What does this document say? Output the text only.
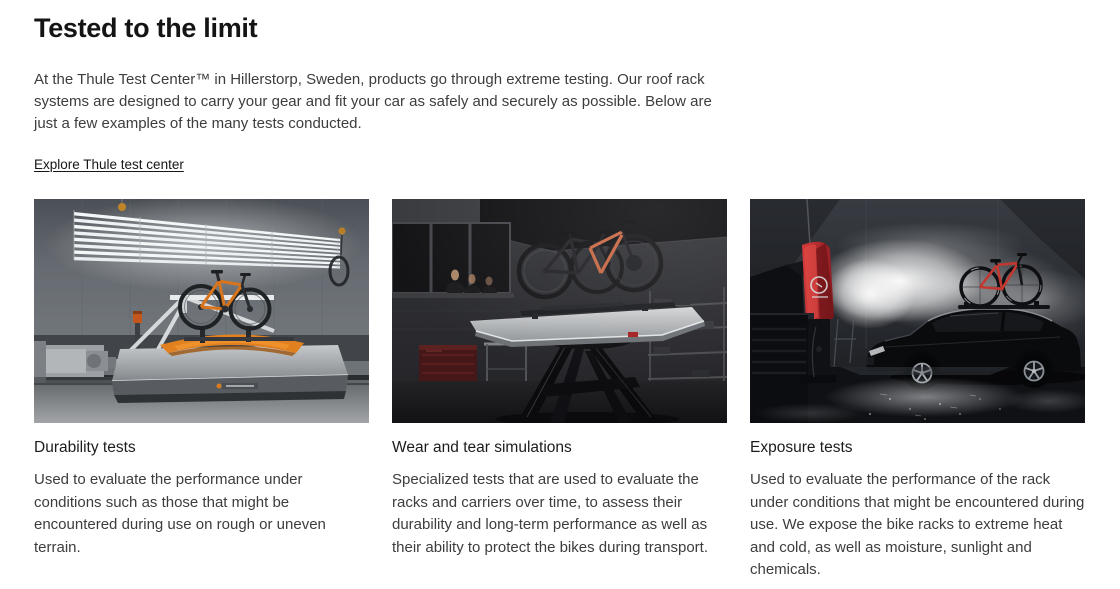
Tested to the limit

At the Thule Test Center™ in Hillerstorp, Sweden, products go through extreme testing. Our roof rack systems are designed to carry your gear and fit your car as safely and securely as possible. Below are just a few examples of the many tests conducted.

Explore Thule test center
Durability tests

Used to evaluate the performance under conditions such as those that might be encountered during use on rough or uneven terrain.

Wear and tear simulations

Specialized tests that are used to evaluate the racks and carriers over time, to assess their durability and long-term performance as well as their ability to protect the bikes during transport.

Exposure tests

Used to evaluate the performance of the rack under conditions that might be encountered during use. We expose the bike racks to extreme heat and cold, as well as moisture, sunlight and chemicals.
